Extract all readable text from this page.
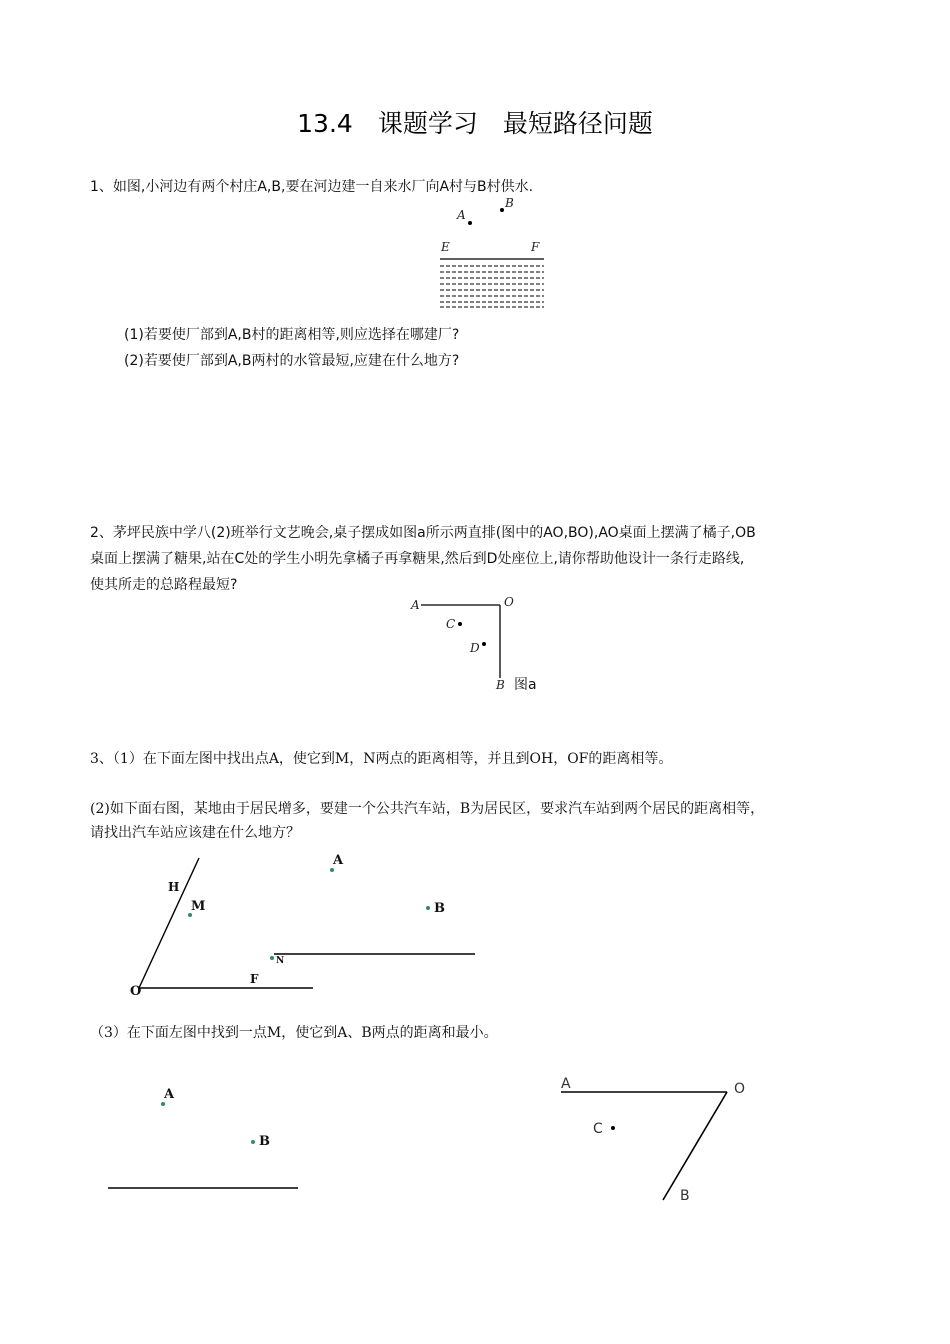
13.4　课题学习　最短路径问题
1、如图,小河边有两个村庄A,B,要在河边建一自来水厂向A村与B村供水.
(1)若要使厂部到A,B村的距离相等,则应选择在哪建厂?
(2)若要使厂部到A,B两村的水管最短,应建在什么地方?
2、茅坪民族中学八(2)班举行文艺晚会,桌子摆成如图a所示两直排(图中的AO,BO),AO桌面上摆满了橘子,OB
桌面上摆满了糖果,站在C处的学生小明先拿橘子再拿糖果,然后到D处座位上,请你帮助他设计一条行走路线,
使其所走的总路程最短?
3、（1）在下面左图中找出点A，使它到M，N两点的距离相等，并且到OH，OF的距离相等。
(2)如下面右图，某地由于居民增多，要建一个公共汽车站，B为居民区，要求汽车站到两个居民的距离相等，
请找出汽车站应该建在什么地方？
（3）在下面左图中找到一点M，使它到A、B两点的距离和最小。
A
B
E	F
A	O
C
D
B 图a
H
M
O
F
N
A
B
A
B
A	O
C
B
